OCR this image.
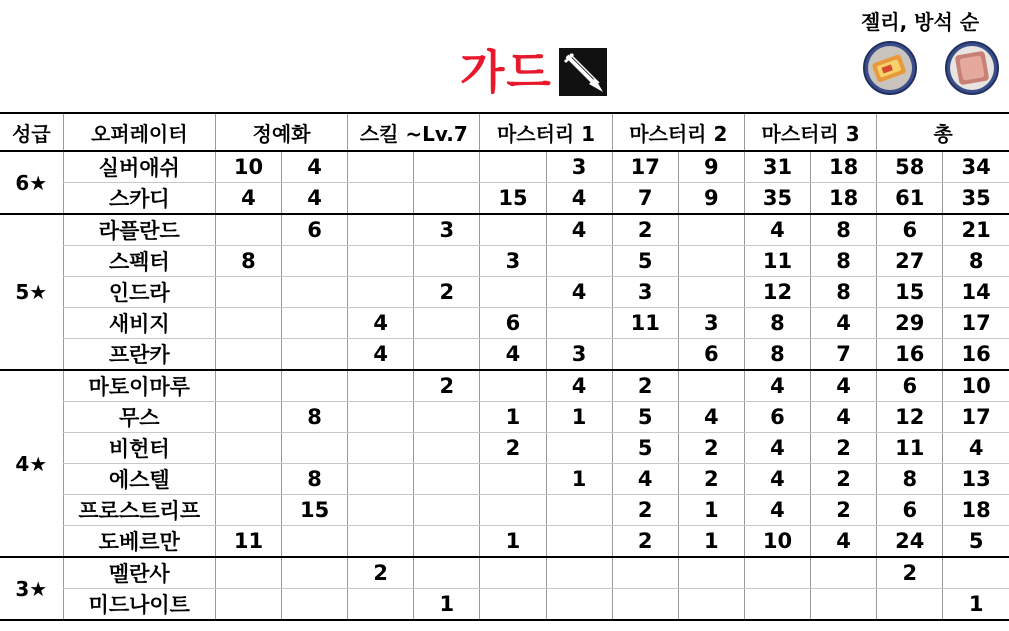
가드
젤리, 방석 순
성급	오퍼레이터	정예화		스킬 ~Lv.7		마스터리 1		마스터리 2		마스터리 3		총	
6★	실버애쉬	10	4				3	17	9	31	18	58	34
	스카디	4	4			15	4	7	9	35	18	61	35
5★	라플란드		6		3		4	2		4	8	6	21
	스펙터	8				3		5		11	8	27	8
	인드라				2		4	3		12	8	15	14
	새비지			4		6		11	3	8	4	29	17
	프란카			4		4	3		6	8	7	16	16
4★	마토이마루				2		4	2		4	4	6	10
	무스		8			1	1	5	4	6	4	12	17
	비헌터					2		5	2	4	2	11	4
	에스텔		8				1	4	2	4	2	8	13
	프로스트리프		15					2	1	4	2	6	18
	도베르만	11				1		2	1	10	4	24	5
3★	멜란사			2								2	
	미드나이트				1								1
